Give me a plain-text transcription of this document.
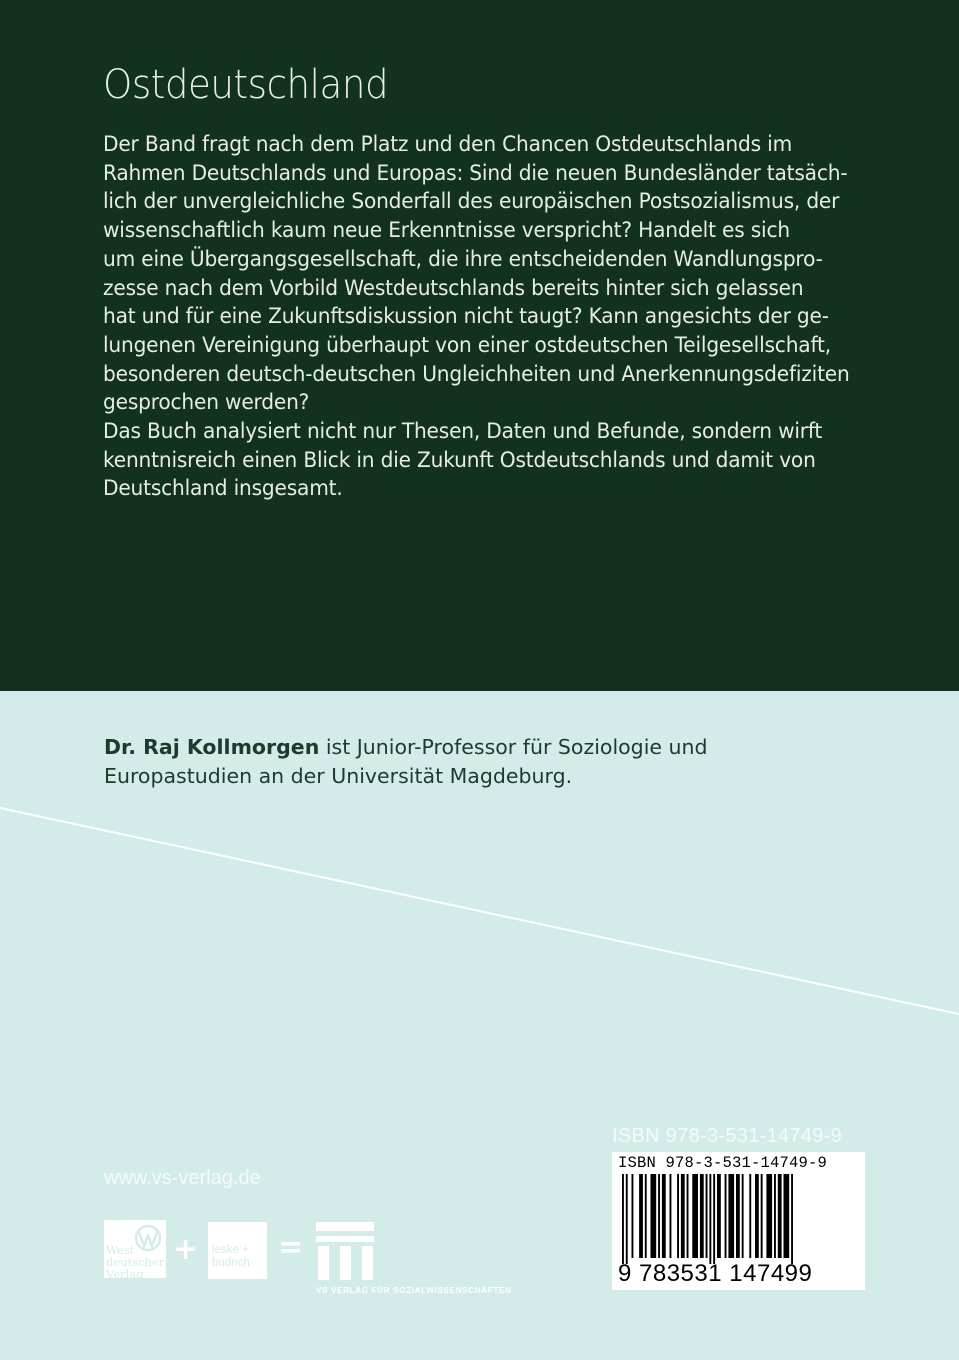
Ostdeutschland
Der Band fragt nach dem Platz und den Chancen Ostdeutschlands im
Rahmen Deutschlands und Europas: Sind die neuen Bundesländer tatsäch-
lich der unvergleichliche Sonderfall des europäischen Postsozialismus, der
wissenschaftlich kaum neue Erkenntnisse verspricht? Handelt es sich
um eine Übergangsgesellschaft, die ihre entscheidenden Wandlungspro-
zesse nach dem Vorbild Westdeutschlands bereits hinter sich gelassen
hat und für eine Zukunftsdiskussion nicht taugt? Kann angesichts der ge-
lungenen Vereinigung überhaupt von einer ostdeutschen Teilgesellschaft,
besonderen deutsch-deutschen Ungleichheiten und Anerkennungsdefiziten
gesprochen werden?
Das Buch analysiert nicht nur Thesen, Daten und Befunde, sondern wirft
kenntnisreich einen Blick in die Zukunft Ostdeutschlands und damit von
Deutschland insgesamt.
Dr. Raj Kollmorgen ist Junior-Professor für Soziologie und
Europastudien an der Universität Magdeburg.
ISBN 978-3-531-14749-9
ISBN 978-3-531-14749-9
9 783531 147499
www.vs-verlag.de
West
deutscher
Verlag
+ leske +
budrich =
VS VERLAG FÜR SOZIALWISSENSCHAFTEN
